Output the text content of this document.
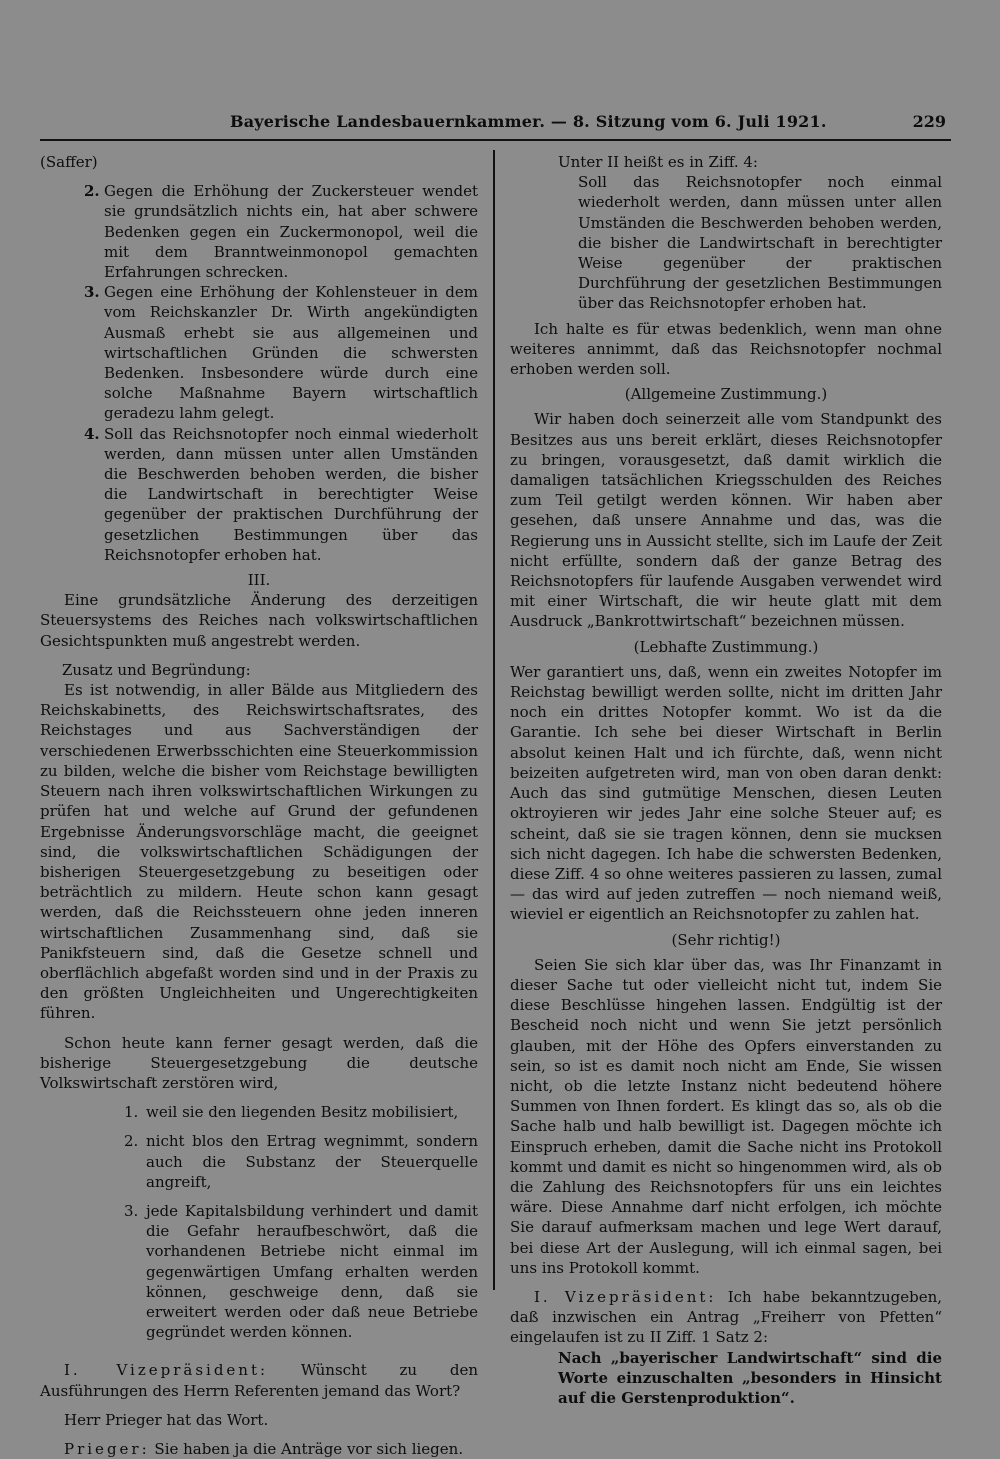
Bayerische Landesbauernkammer. — 8. Sitzung vom 6. Juli 1921.	229

(Saffer)

2. Gegen die Erhöhung der Zuckersteuer wendet sie grundsätzlich nichts ein, hat aber schwere Bedenken gegen ein Zuckermonopol, weil die mit dem Branntweinmonopol gemachten Erfahrungen schrecken.
3. Gegen eine Erhöhung der Kohlensteuer in dem vom Reichskanzler Dr. Wirth angekündigten Ausmaß erhebt sie aus allgemeinen und wirtschaftlichen Gründen die schwersten Bedenken. Insbesondere würde durch eine solche Maßnahme Bayern wirtschaftlich geradezu lahm gelegt.
4. Soll das Reichsnotopfer noch einmal wiederholt werden, dann müssen unter allen Umständen die Beschwerden behoben werden, die bisher die Landwirtschaft in berechtigter Weise gegenüber der praktischen Durchführung der gesetzlichen Bestimmungen über das Reichsnotopfer erhoben hat.

III.

Eine grundsätzliche Änderung des derzeitigen Steuersystems des Reiches nach volkswirtschaftlichen Gesichtspunkten muß angestrebt werden.

Zusatz und Begründung:

Es ist notwendig, in aller Bälde aus Mitgliedern des Reichskabinetts, des Reichswirtschaftsrates, des Reichstages und aus Sachverständigen der verschiedenen Erwerbsschichten eine Steuerkommission zu bilden, welche die bisher vom Reichstage bewilligten Steuern nach ihren volkswirtschaftlichen Wirkungen zu prüfen hat und welche auf Grund der gefundenen Ergebnisse Änderungsvorschläge macht, die geeignet sind, die volkswirtschaftlichen Schädigungen der bisherigen Steuergesetzgebung zu beseitigen oder beträchtlich zu mildern. Heute schon kann gesagt werden, daß die Reichssteuern ohne jeden inneren wirtschaftlichen Zusammenhang sind, daß sie Panikfsteuern sind, daß die Gesetze schnell und oberflächlich abgefaßt worden sind und in der Praxis zu den größten Ungleichheiten und Ungerechtigkeiten führen.

Schon heute kann ferner gesagt werden, daß die bisherige Steuergesetzgebung die deutsche Volkswirtschaft zerstören wird,

1. weil sie den liegenden Besitz mobilisiert,
2. nicht blos den Ertrag wegnimmt, sondern auch die Substanz der Steuerquelle angreift,
3. jede Kapitalsbildung verhindert und damit die Gefahr heraufbeschwört, daß die vorhandenen Betriebe nicht einmal im gegenwärtigen Umfang erhalten werden können, geschweige denn, daß sie erweitert werden oder daß neue Betriebe gegründet werden können.

I. Vizepräsident: Wünscht zu den Ausführungen des Herrn Referenten jemand das Wort?

Herr Prieger hat das Wort.

Prieger: Sie haben ja die Anträge vor sich liegen.

Unter II heißt es in Ziff. 4:

Soll das Reichsnotopfer noch einmal wiederholt werden, dann müssen unter allen Umständen die Beschwerden behoben werden, die bisher die Landwirtschaft in berechtigter Weise gegenüber der praktischen Durchführung der gesetzlichen Bestimmungen über das Reichsnotopfer erhoben hat.

Ich halte es für etwas bedenklich, wenn man ohne weiteres annimmt, daß das Reichsnotopfer nochmal erhoben werden soll.

(Allgemeine Zustimmung.)

Wir haben doch seinerzeit alle vom Standpunkt des Besitzes aus uns bereit erklärt, dieses Reichsnotopfer zu bringen, vorausgesetzt, daß damit wirklich die damaligen tatsächlichen Kriegsschulden des Reiches zum Teil getilgt werden können. Wir haben aber gesehen, daß unsere Annahme und das, was die Regierung uns in Aussicht stellte, sich im Laufe der Zeit nicht erfüllte, sondern daß der ganze Betrag des Reichsnotopfers für laufende Ausgaben verwendet wird mit einer Wirtschaft, die wir heute glatt mit dem Ausdruck „Bankrottwirtschaft“ bezeichnen müssen.

(Lebhafte Zustimmung.)

Wer garantiert uns, daß, wenn ein zweites Notopfer im Reichstag bewilligt werden sollte, nicht im dritten Jahr noch ein drittes Notopfer kommt. Wo ist da die Garantie. Ich sehe bei dieser Wirtschaft in Berlin absolut keinen Halt und ich fürchte, daß, wenn nicht beizeiten aufgetreten wird, man von oben daran denkt: Auch das sind gutmütige Menschen, diesen Leuten oktroyieren wir jedes Jahr eine solche Steuer auf; es scheint, daß sie sie tragen können, denn sie mucksen sich nicht dagegen. Ich habe die schwersten Bedenken, diese Ziff. 4 so ohne weiteres passieren zu lassen, zumal — das wird auf jeden zutreffen — noch niemand weiß, wieviel er eigentlich an Reichsnotopfer zu zahlen hat.

(Sehr richtig!)

Seien Sie sich klar über das, was Ihr Finanzamt in dieser Sache tut oder vielleicht nicht tut, indem Sie diese Beschlüsse hingehen lassen. Endgültig ist der Bescheid noch nicht und wenn Sie jetzt persönlich glauben, mit der Höhe des Opfers einverstanden zu sein, so ist es damit noch nicht am Ende, Sie wissen nicht, ob die letzte Instanz nicht bedeutend höhere Summen von Ihnen fordert. Es klingt das so, als ob die Sache halb und halb bewilligt ist. Dagegen möchte ich Einspruch erheben, damit die Sache nicht ins Protokoll kommt und damit es nicht so hingenommen wird, als ob die Zahlung des Reichsnotopfers für uns ein leichtes wäre. Diese Annahme darf nicht erfolgen, ich möchte Sie darauf aufmerksam machen und lege Wert darauf, bei diese Art der Auslegung, will ich einmal sagen, bei uns ins Protokoll kommt.

I. Vizepräsident: Ich habe bekanntzugeben, daß inzwischen ein Antrag „Freiherr von Pfetten“ eingelaufen ist zu II Ziff. 1 Satz 2:

Nach „bayerischer Landwirtschaft“ sind die Worte einzuschalten „besonders in Hinsicht auf die Gerstenproduktion“.
